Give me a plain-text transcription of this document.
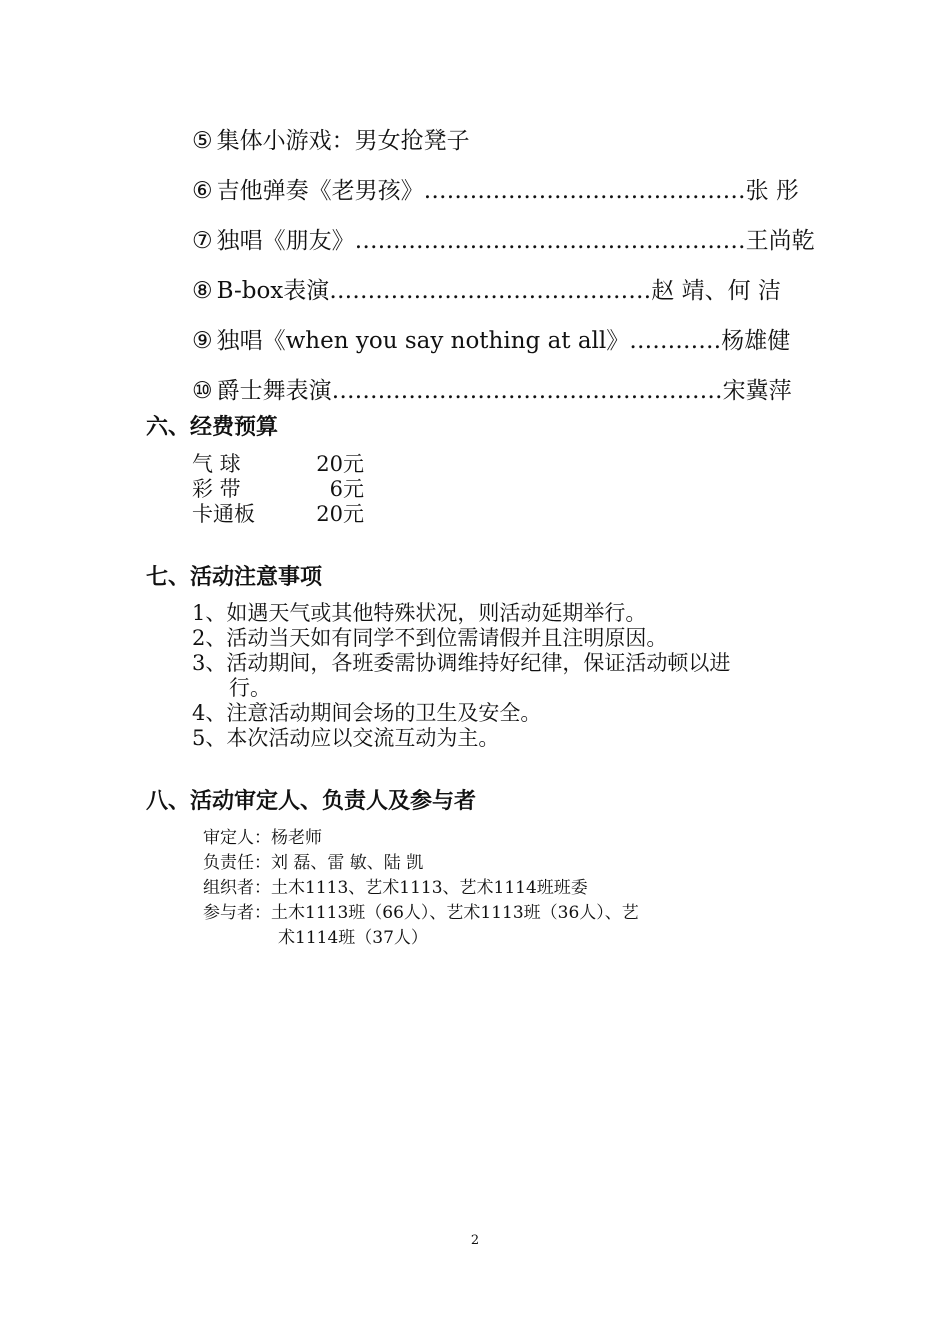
⑤ 集体小游戏：男女抢凳子
⑥ 吉他弹奏《老男孩》……………………………………张 彤
⑦ 独唱《朋友》……………………………………………王尚乾
⑧ B-box表演……………………………………赵 靖、何 洁
⑨ 独唱《when you say nothing at all》…………杨雄健
⑩ 爵士舞表演……………………………………………宋冀萍
六、经费预算
气 球	20元
彩 带	6元
卡通板	20元
七、活动注意事项
1、如遇天气或其他特殊状况，则活动延期举行。
2、活动当天如有同学不到位需请假并且注明原因。
3、活动期间，各班委需协调维持好纪律，保证活动顿以进
行。
4、注意活动期间会场的卫生及安全。
5、本次活动应以交流互动为主。
八、活动审定人、负责人及参与者
审定人：杨老师
负责任：刘 磊、雷 敏、陆 凯
组织者：土木1113、艺术1113、艺术1114班班委
参与者：土木1113班（66人）、艺术1113班（36人）、艺
术1114班（37人）
2
